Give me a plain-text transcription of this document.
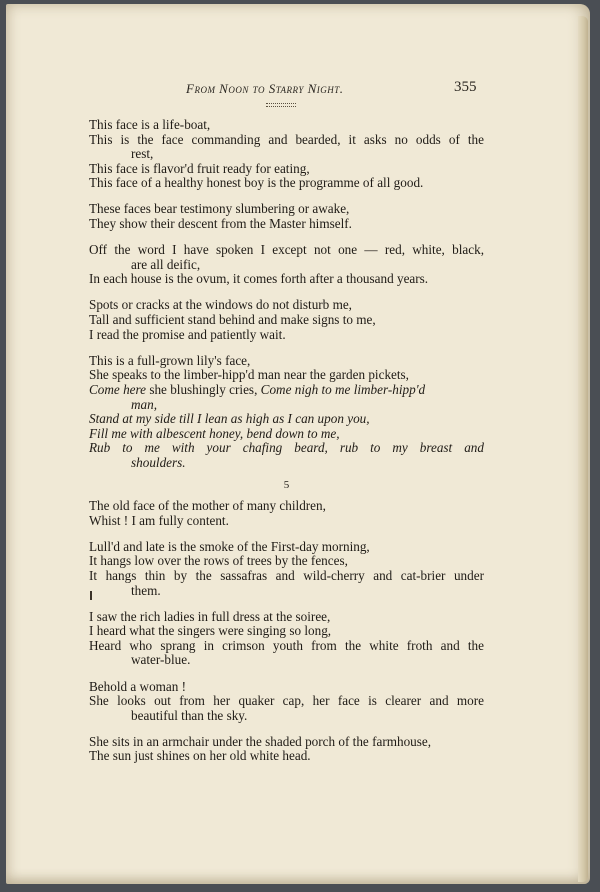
From Noon to Starry Night.	355
This face is a life-boat,
This is the face commanding and bearded, it asks no odds of the
rest,
This face is flavor'd fruit ready for eating,
This face of a healthy honest boy is the programme of all good.
These faces bear testimony slumbering or awake,
They show their descent from the Master himself.
Off the word I have spoken I except not one — red, white, black,
are all deific,
In each house is the ovum, it comes forth after a thousand years.
Spots or cracks at the windows do not disturb me,
Tall and sufficient stand behind and make signs to me,
I read the promise and patiently wait.
This is a full-grown lily's face,
She speaks to the limber-hipp'd man near the garden pickets,
Come here she blushingly cries, Come nigh to me limber-hipp'd
man,
Stand at my side till I lean as high as I can upon you,
Fill me with albescent honey, bend down to me,
Rub to me with your chafing beard, rub to my breast and
shoulders.
5
The old face of the mother of many children,
Whist ! I am fully content.
Lull'd and late is the smoke of the First-day morning,
It hangs low over the rows of trees by the fences,
It hangs thin by the sassafras and wild-cherry and cat-brier under
them.
I saw the rich ladies in full dress at the soiree,
I heard what the singers were singing so long,
Heard who sprang in crimson youth from the white froth and the
water-blue.
Behold a woman !
She looks out from her quaker cap, her face is clearer and more
beautiful than the sky.
She sits in an armchair under the shaded porch of the farmhouse,
The sun just shines on her old white head.
